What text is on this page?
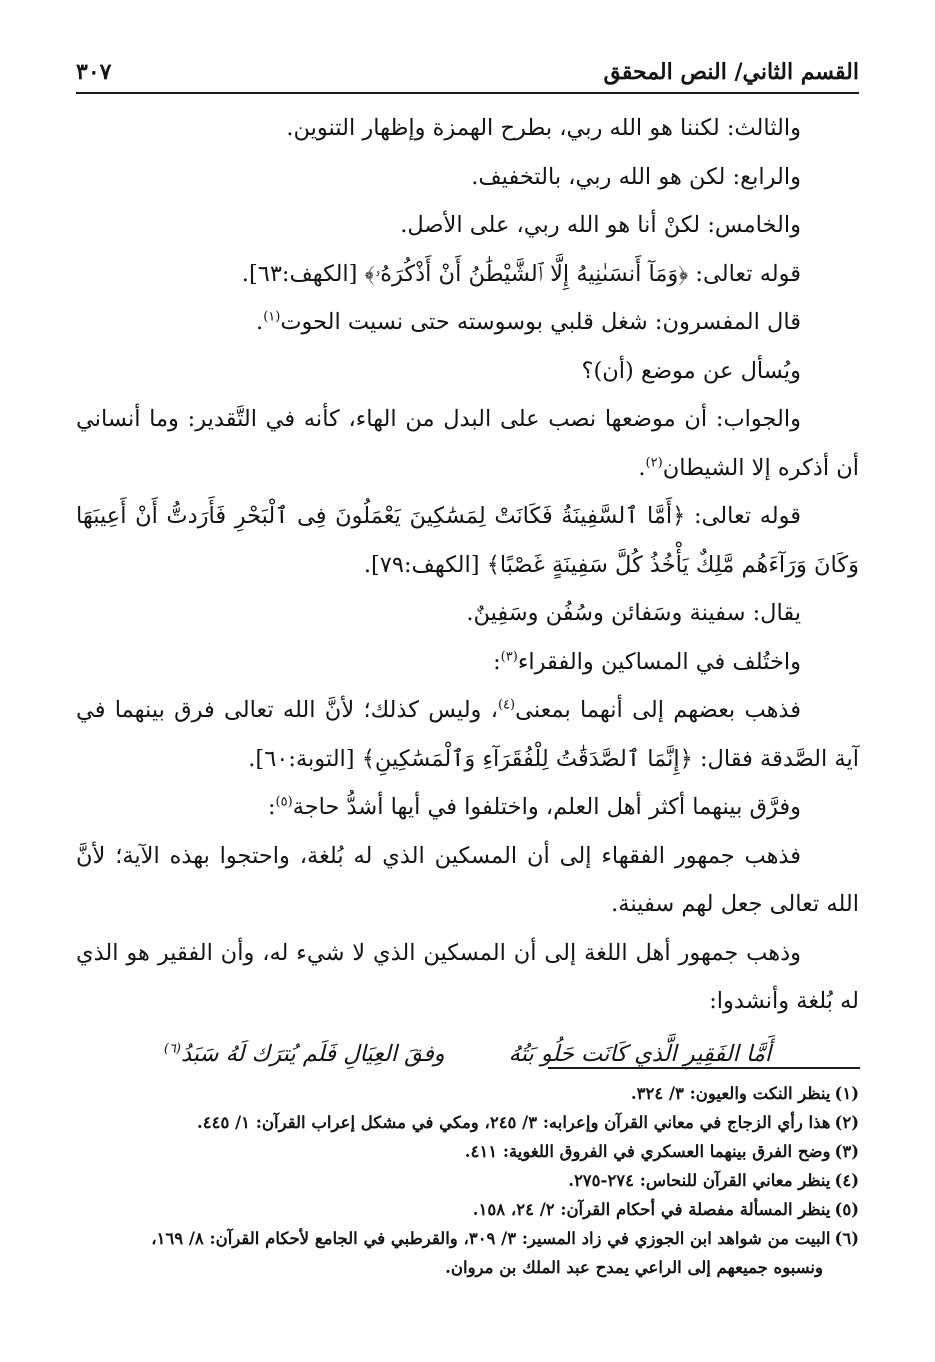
القسم الثاني/ النص المحقق
٣٠٧

والثالث: لكننا هو الله ربي، بطرح الهمزة وإظهار التنوين.

والرابع: لكن هو الله ربي، بالتخفيف.

والخامس: لكنْ أنا هو الله ربي، على الأصل.

قوله تعالى: ﴿وَمَآ أَنسَىٰنِيهُ إِلَّا ٱلشَّيْطَٰنُ أَنْ أَذْكُرَهُۥ﴾ [الكهف:٦٣].

قال المفسرون: شغل قلبي بوسوسته حتى نسيت الحوت$^{(١)}$.

ويُسأل عن موضع (أن)؟

والجواب: أن موضعها نصب على البدل من الهاء، كأنه في التَّقدير: وما أنساني أن أذكره إلا الشيطان$^{(٢)}$.

قوله تعالى: ﴿أَمَّا ٱلسَّفِينَةُ فَكَانَتْ لِمَسَٰكِينَ يَعْمَلُونَ فِى ٱلْبَحْرِ فَأَرَدتُّ أَنْ أَعِيبَهَا وَكَانَ وَرَآءَهُم مَّلِكٌ يَأْخُذُ كُلَّ سَفِينَةٍ غَصْبًا﴾ [الكهف:٧٩].

يقال: سفينة وسَفائن وسُفُن وسَفِينٌ.

واختُلف في المساكين والفقراء$^{(٣)}$:

فذهب بعضهم إلى أنهما بمعنى$^{(٤)}$، وليس كذلك؛ لأنَّ الله تعالى فرق بينهما في آية الصَّدقة فقال: ﴿إِنَّمَا ٱلصَّدَقَٰتُ لِلْفُقَرَآءِ وَٱلْمَسَٰكِينِ﴾ [التوبة:٦٠].

وفرَّق بينهما أكثر أهل العلم، واختلفوا في أيها أشدُّ حاجة$^{(٥)}$:

فذهب جمهور الفقهاء إلى أن المسكين الذي له بُلغة، واحتجوا بهذه الآية؛ لأنَّ الله تعالى جعل لهم سفينة.

وذهب جمهور أهل اللغة إلى أن المسكين الذي لا شيء له، وأن الفقير هو الذي له بُلغة وأنشدوا:

أَمَّا الفَقِيرِ الَّذي كَانَت حَلُو بَتُهُ
وفقَ العِيَالِ فَلَم يُترَك لَهُ سَبَدُ$^{(٦)}$

(١)ينظر النكت والعيون: ٣/ ٣٢٤.

(٢)هذا رأي الزجاج في معاني القرآن وإعرابه: ٣/ ٢٤٥، ومكي في مشكل إعراب القرآن: ١/ ٤٤٥.

(٣)وضح الفرق بينهما العسكري في الفروق اللغوية: ٤١١.

(٤)ينظر معاني القرآن للنحاس: ٢٧٤-٢٧٥.

(٥)ينظر المسألة مفصلة في أحكام القرآن: ٢/ ٢٤، ١٥٨.

(٦)البيت من شواهد ابن الجوزي في زاد المسير: ٣/ ٣٠٩، والقرطبي في الجامع لأحكام القرآن: ٨/ ١٦٩،
ونسبوه جميعهم إلى الراعي يمدح عبد الملك بن مروان.
